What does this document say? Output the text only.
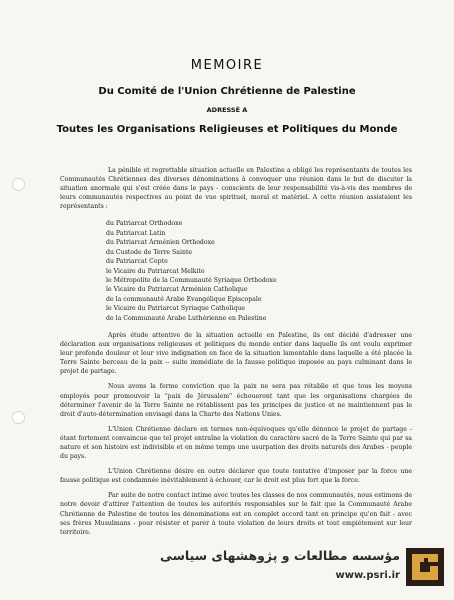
MEMOIRE
Du Comité de l'Union Chrétienne de Palestine
ADRESSÉ A
Toutes les Organisations Religieuses et Politiques du Monde

La pénible et regrettable situation actuelle en Palestine a obligé les représentants de toutes les Communautés Chrétiennes des diverses dénominations à convoquer une réunion dans le but de discuter la situation anormale qui s'est créée dans le pays - conscients de leur responsabilité vis-à-vis des membres de leurs communautés respectives au point de vue spirituel, moral et matériel. A cette réunion assistaient les représentants :

du Patriarcat Orthodoxe
du Patriarcat Latin
du Patriarcat Arménien Orthodoxe
du Custode de Terre Sainte
du Patriarcat Copte
le Vicaire du Patriarcat Melkite
le Métropolite de la Communauté Syriaque Orthodoxe
le Vicaire du Patriarcat Arménien Catholique
de la communauté Arabe Evangélique Episcopale
le Vicaire du Patriarcat Syriaque Catholique
de la Communauté Arabe Luthérienne en Palestine

Après étude attentive de la situation actuelle en Palestine, ils ont décidé d'adresser une déclaration aux organisations religieuses et politiques du monde entier dans laquelle ils ont voulu exprimer leur profonde douleur et leur vive indignation en face de la situation lamentable dans laquelle a été placée la Terre Sainte berceau de la paix -- suite immédiate de la fausse politique imposée au pays culminant dans le projet de partage.

Nous avons la ferme conviction que la paix ne sera pas rétablie et que tous les moyens employés pour promouvoir la "paix de Jérusalem" échoueront tant que les organisations chargées de déterminer l'avenir de la Terre Sainte ne rétablissent pas les principes de justice et ne maintiennent pas le droit d'auto-détermination envisagé dans la Charte des Nations Unies.

L'Union Chrétienne déclare en termes non-équivoques qu'elle dénonce le projet de partage - étant fortement convaincue que tel projet entraîne la violation du caractère sacré de la Terre Sainte qui par sa nature et son histoire est indivisible et en même temps une usurpation des droits naturels des Arabes - peuple du pays.

L'Union Chrétienne désire en outre déclarer que toute tentative d'imposer par la force une fausse politique est condamnée inévitablement à échouer, car le droit est plus fort que la force.

Par suite de notre contact intime avec toutes les classes de nos communautés, nous estimons de notre devoir d'attirer l'attention de toutes les autorités responsables sur le fait que la Communauté Arabe Chrétienne de Palestine de toutes les dénominations est en complet accord tant en principe qu'en fait - avec ses frères Musulmans - pour résister et parer à toute violation de leurs droits et tout empiétement sur leur territoire.

مؤسسه مطالعات و پژوهشهای سیاسی
www.psri.ir
